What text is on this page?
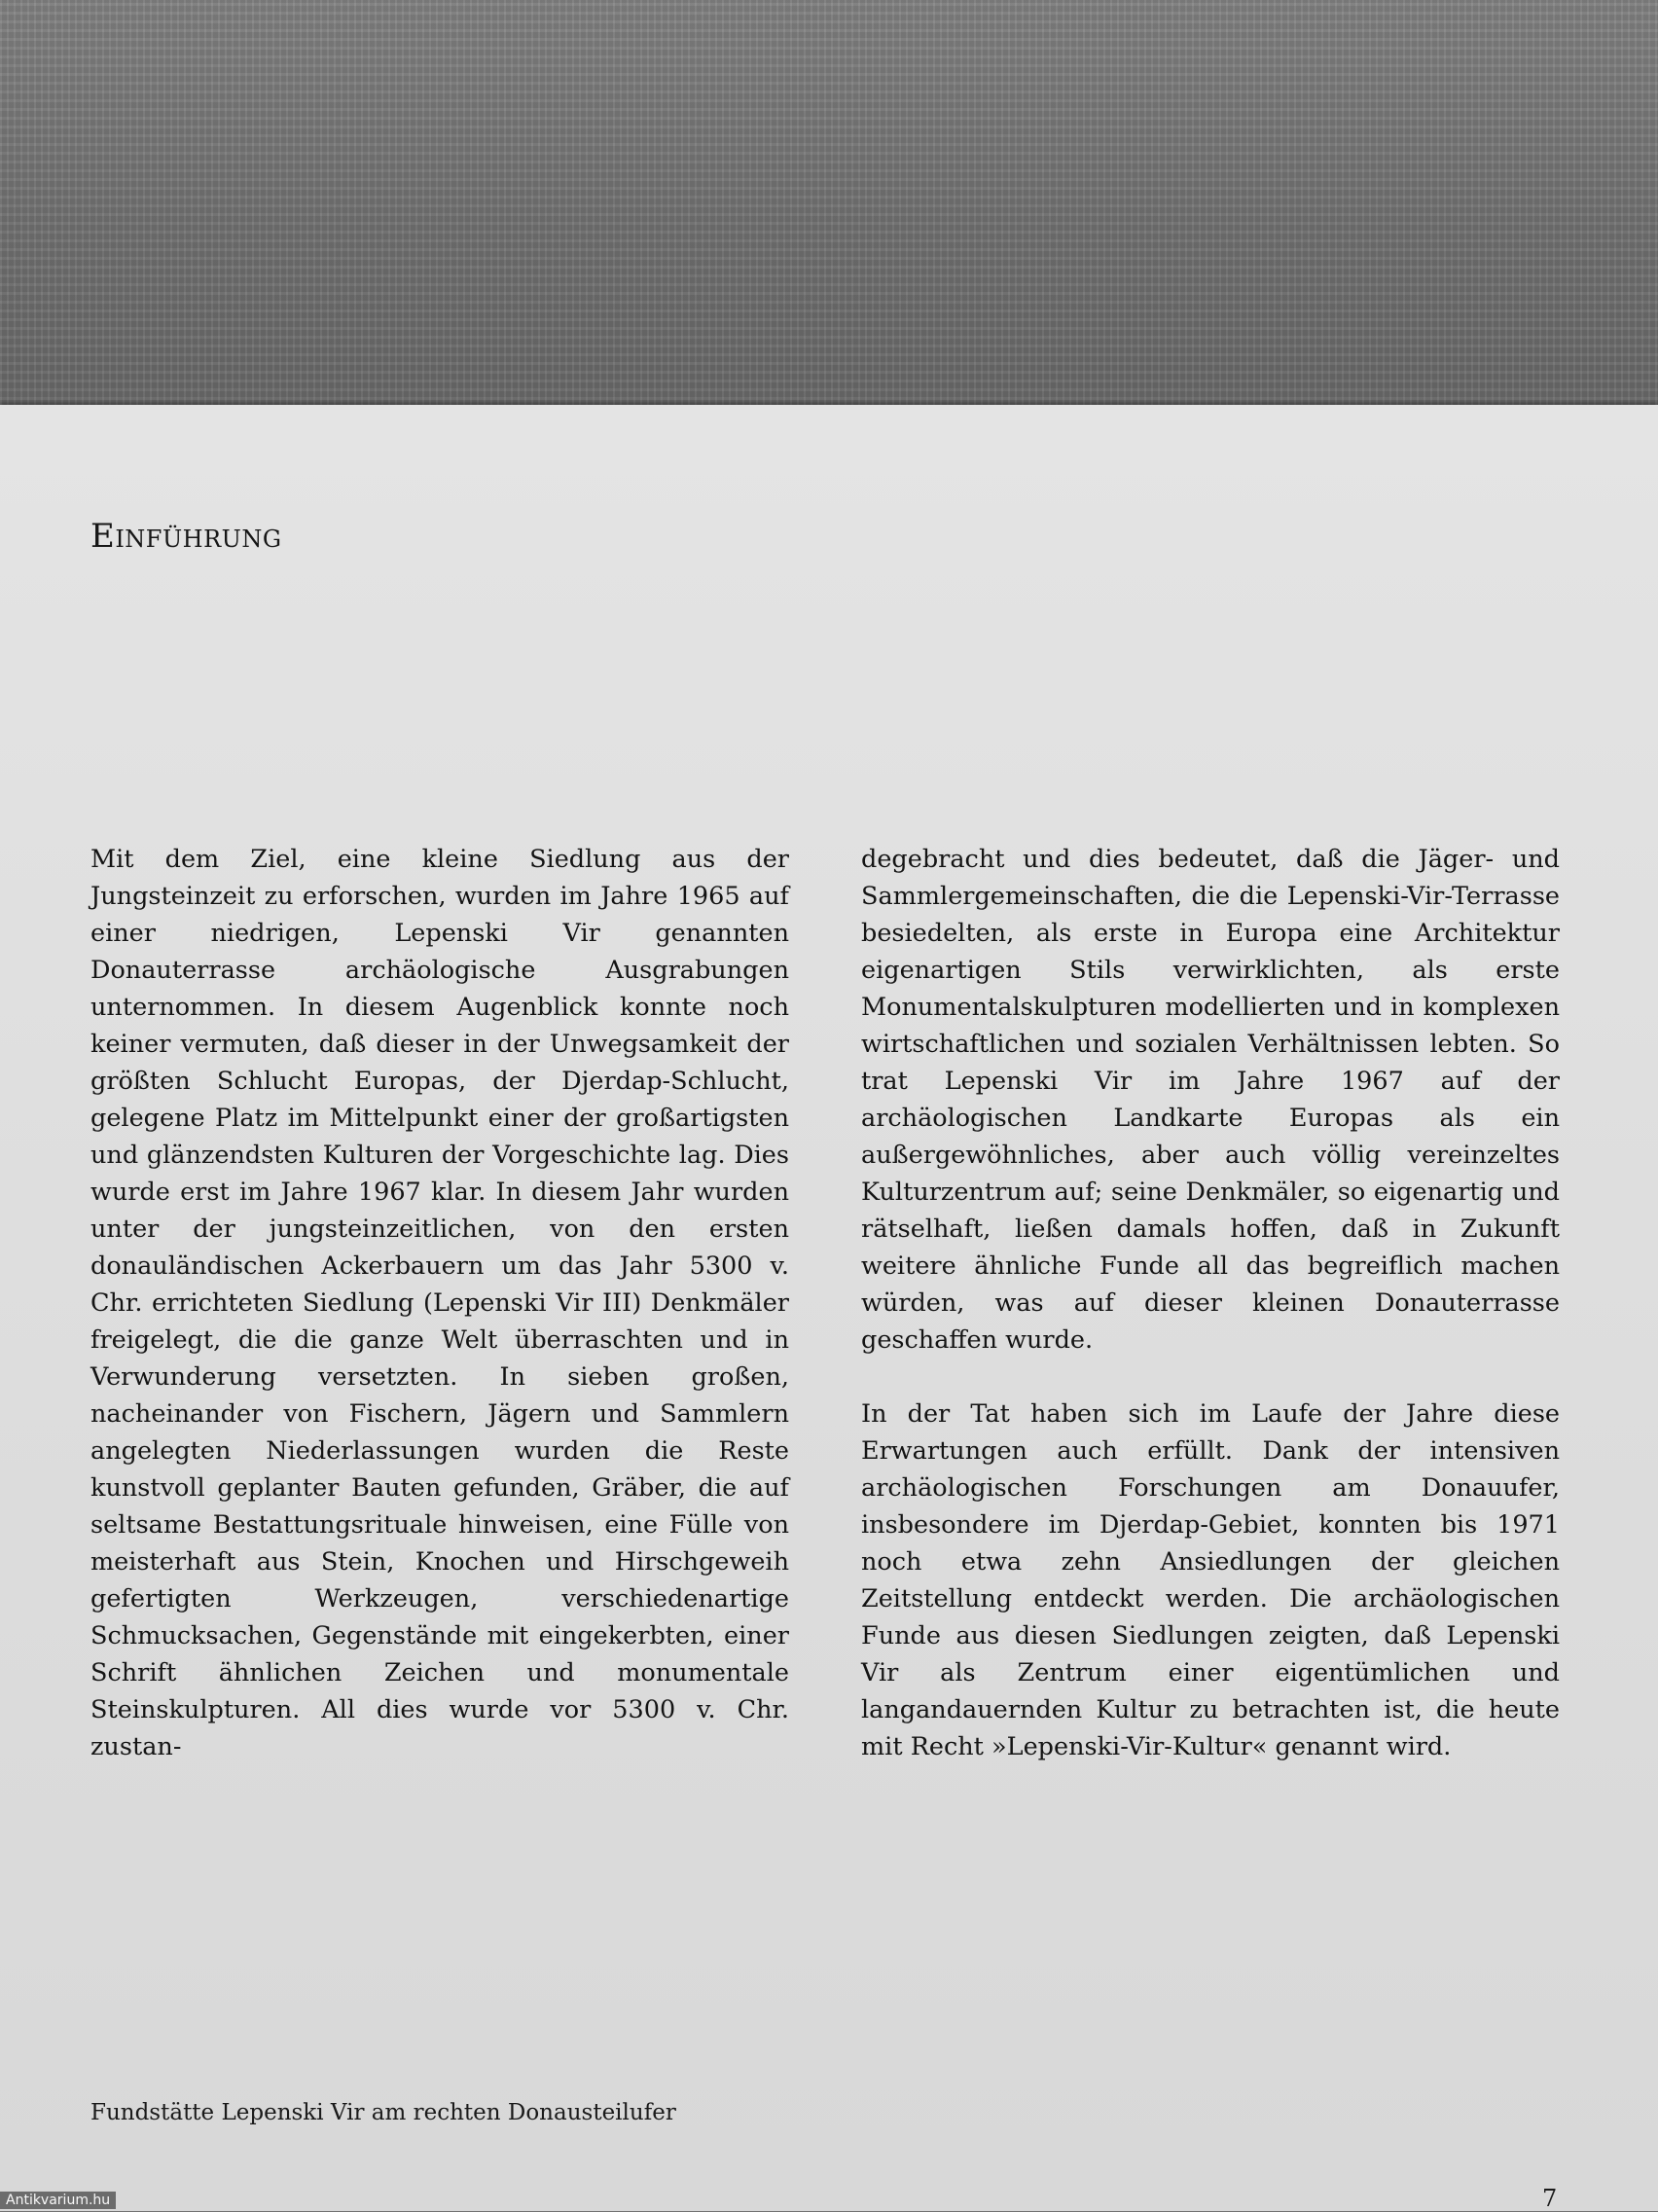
Einführung

Mit dem Ziel, eine kleine Siedlung aus der Jungsteinzeit zu erforschen, wurden im Jahre 1965 auf einer niedrigen, Lepenski Vir genannten Donauterrasse archäologische Ausgrabungen unternommen. In diesem Augenblick konnte noch keiner vermuten, daß dieser in der Unwegsamkeit der größten Schlucht Europas, der Djerdap-Schlucht, gelegene Platz im Mittelpunkt einer der großartigsten und glänzendsten Kulturen der Vorgeschichte lag. Dies wurde erst im Jahre 1967 klar. In diesem Jahr wurden unter der jungsteinzeitlichen, von den ersten donauländischen Ackerbauern um das Jahr 5300 v. Chr. errichteten Siedlung (Lepenski Vir III) Denkmäler freigelegt, die die ganze Welt überraschten und in Verwunderung versetzten. In sieben großen, nacheinander von Fischern, Jägern und Sammlern angelegten Niederlassungen wurden die Reste kunstvoll geplanter Bauten gefunden, Gräber, die auf seltsame Bestattungsrituale hinweisen, eine Fülle von meisterhaft aus Stein, Knochen und Hirschgeweih gefertigten Werkzeugen, verschiedenartige Schmucksachen, Gegenstände mit eingekerbten, einer Schrift ähnlichen Zeichen und monumentale Steinskulpturen. All dies wurde vor 5300 v. Chr. zustan-

degebracht und dies bedeutet, daß die Jäger- und Sammlergemeinschaften, die die Lepenski-Vir-Terrasse besiedelten, als erste in Europa eine Architektur eigenartigen Stils verwirklichten, als erste Monumentalskulpturen modellierten und in komplexen wirtschaftlichen und sozialen Verhältnissen lebten. So trat Lepenski Vir im Jahre 1967 auf der archäologischen Landkarte Europas als ein außergewöhnliches, aber auch völlig vereinzeltes Kulturzentrum auf; seine Denkmäler, so eigenartig und rätselhaft, ließen damals hoffen, daß in Zukunft weitere ähnliche Funde all das begreiflich machen würden, was auf dieser kleinen Donauterrasse geschaffen wurde.

In der Tat haben sich im Laufe der Jahre diese Erwartungen auch erfüllt. Dank der intensiven archäologischen Forschungen am Donauufer, insbesondere im Djerdap-Gebiet, konnten bis 1971 noch etwa zehn Ansiedlungen der gleichen Zeitstellung entdeckt werden. Die archäologischen Funde aus diesen Siedlungen zeigten, daß Lepenski Vir als Zentrum einer eigentümlichen und langandauernden Kultur zu betrachten ist, die heute mit Recht »Lepenski-Vir-Kultur« genannt wird.

Fundstätte Lepenski Vir am rechten Donausteilufer
7
Antikvarium.hu
